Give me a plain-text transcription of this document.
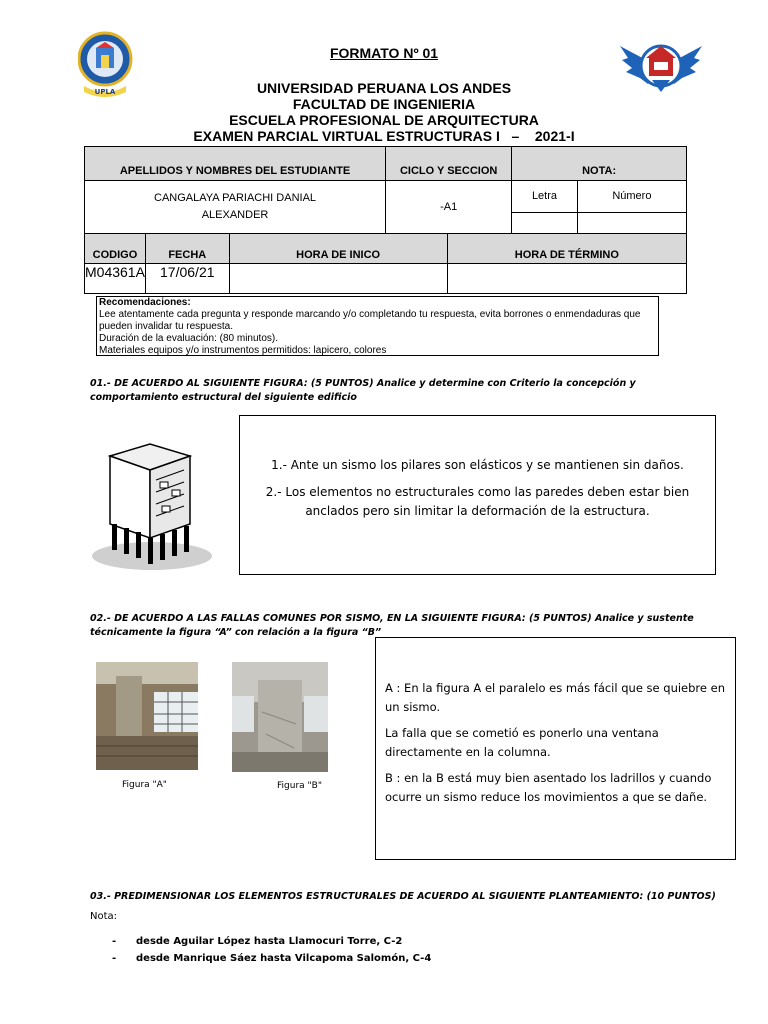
UPLA
FORMATO Nº 01
UNIVERSIDAD PERUANA LOS ANDES
FACULTAD DE INGENIERIA
ESCUELA PROFESIONAL DE ARQUITECTURA
EXAMEN PARCIAL VIRTUAL ESTRUCTURAS I   –    2021-I
APELLIDOS Y NOMBRES DEL ESTUDIANTE			CICLO Y SECCION		NOTA:	

CANGALAYA PARIACHI DANIAL
ALEXANDER			-A1		Letra	Número

CODIGO	FECHA	HORA DE INICO		HORA DE TÉRMINO		
M04361A	17/06/21					
Recomendaciones:
Lee atentamente cada pregunta y responde marcando y/o completando tu respuesta, evita borrones o enmendaduras que
pueden invalidar tu respuesta.
Duración de la evaluación: (80 minutos).
Materiales equipos y/o instrumentos permitidos: lapicero, colores
01.- DE ACUERDO AL SIGUIENTE FIGURA: (5 PUNTOS) Analice y determine con Criterio la concepción y
comportamiento estructural del siguiente edificio
1.- Ante un sismo los pilares son elásticos y se mantienen sin daños.
2.- Los elementos no estructurales como las paredes deben estar bien
anclados pero sin limitar la deformación de la estructura.
02.- DE ACUERDO A LAS FALLAS COMUNES POR SISMO, EN LA SIGUIENTE FIGURA: (5 PUNTOS) Analice y sustente
técnicamente la figura “A” con relación a la figura “B”
Figura "A"	Figura "B"
A : En la figura A el paralelo es más fácil que se quiebre en
un sismo.
La falla que se cometió es ponerlo una ventana
directamente en la columna.
B : en la B está muy bien asentado los ladrillos y cuando
ocurre un sismo reduce los movimientos a que se dañe.
03.- PREDIMENSIONAR LOS ELEMENTOS ESTRUCTURALES DE ACUERDO AL SIGUIENTE PLANTEAMIENTO: (10 PUNTOS)
Nota:
- desde Aguilar López hasta Llamocuri Torre, C-2
- desde Manrique Sáez hasta Vilcapoma Salomón, C-4
